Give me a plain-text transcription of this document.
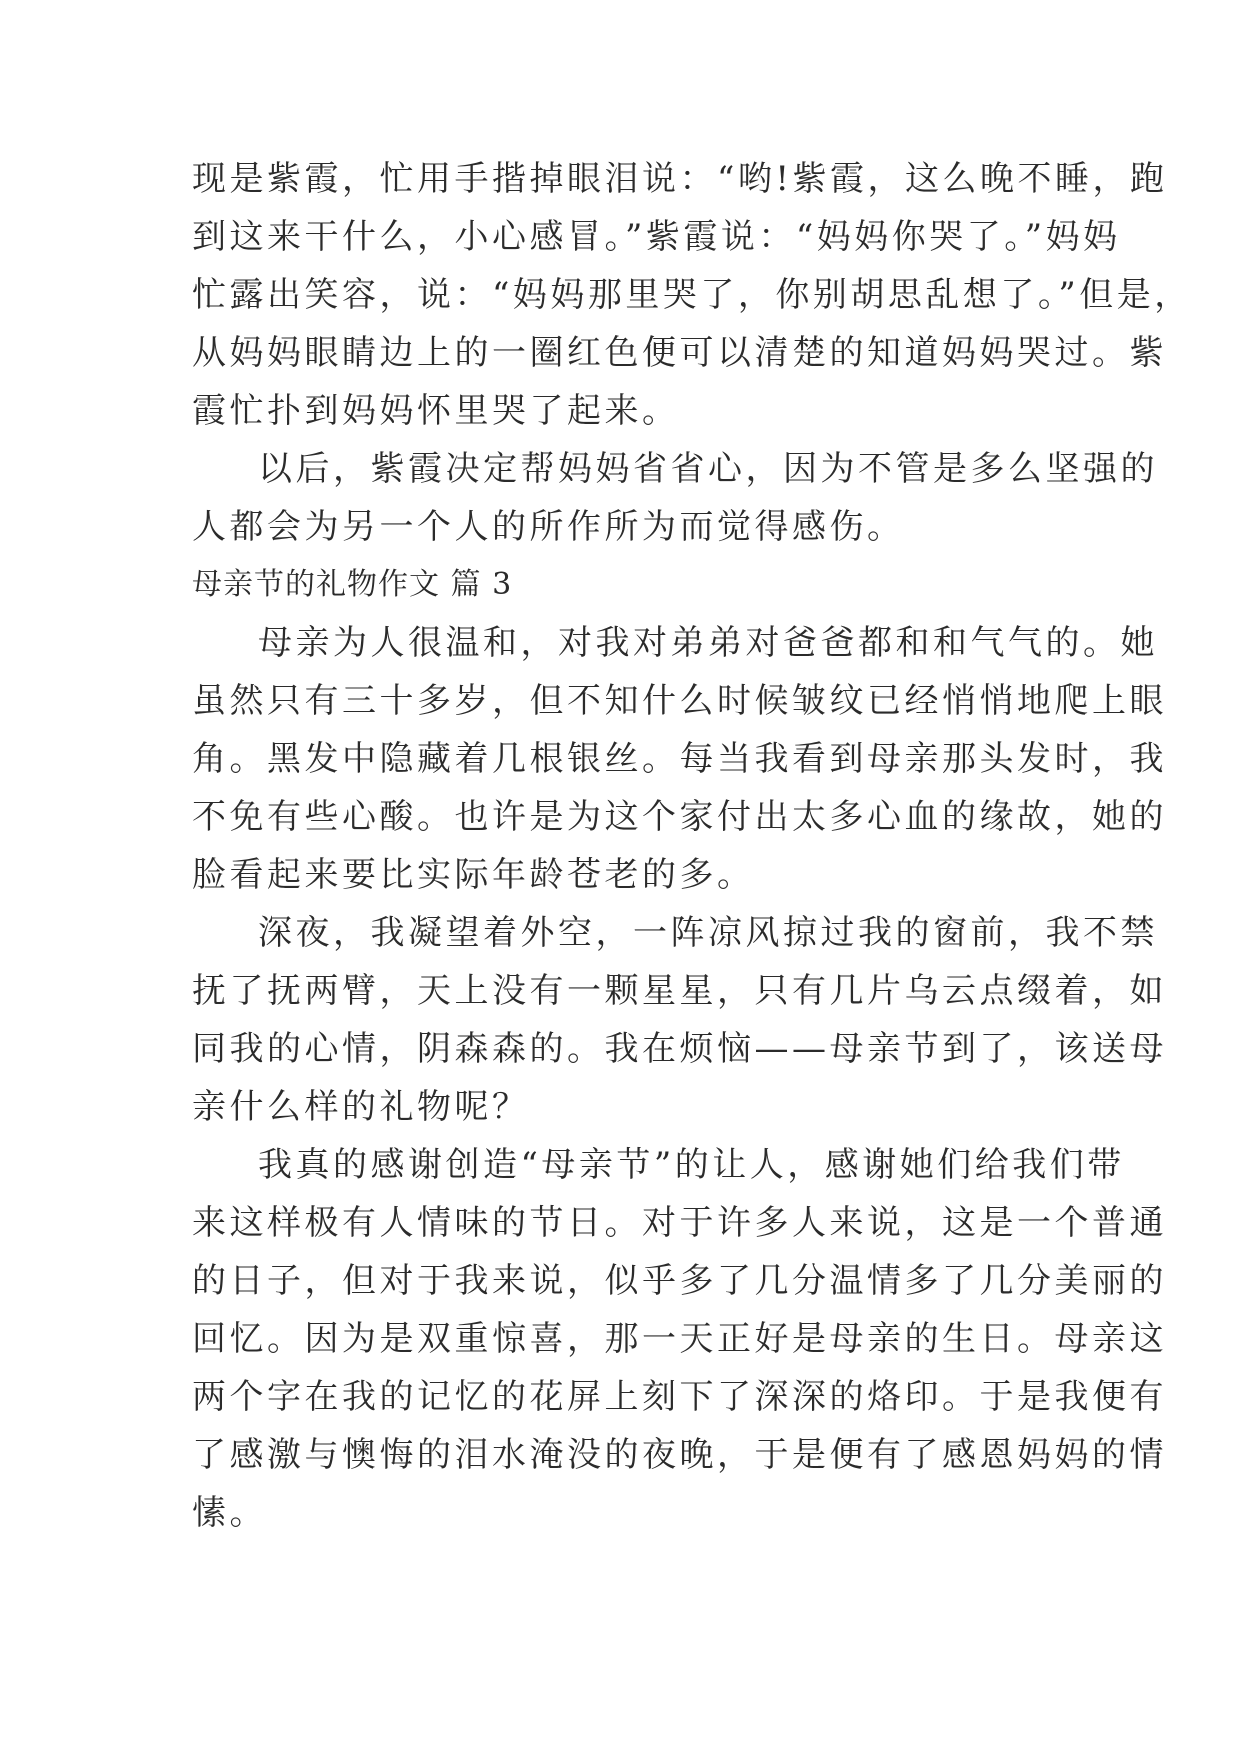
现是紫霞，忙用手揩掉眼泪说：“哟!紫霞，这么晚不睡，跑
到这来干什么，小心感冒。”紫霞说：“妈妈你哭了。”妈妈
忙露出笑容，说：“妈妈那里哭了，你别胡思乱想了。”但是，
从妈妈眼睛边上的一圈红色便可以清楚的知道妈妈哭过。紫
霞忙扑到妈妈怀里哭了起来。
以后，紫霞决定帮妈妈省省心，因为不管是多么坚强的
人都会为另一个人的所作所为而觉得感伤。
母亲节的礼物作文 篇 3
母亲为人很温和，对我对弟弟对爸爸都和和气气的。她
虽然只有三十多岁，但不知什么时候皱纹已经悄悄地爬上眼
角。黑发中隐藏着几根银丝。每当我看到母亲那头发时，我
不免有些心酸。也许是为这个家付出太多心血的缘故，她的
脸看起来要比实际年龄苍老的多。
深夜，我凝望着外空，一阵凉风掠过我的窗前，我不禁
抚了抚两臂，天上没有一颗星星，只有几片乌云点缀着，如
同我的心情，阴森森的。我在烦恼——母亲节到了，该送母
亲什么样的礼物呢？
我真的感谢创造“母亲节”的让人，感谢她们给我们带
来这样极有人情味的节日。对于许多人来说，这是一个普通
的日子，但对于我来说，似乎多了几分温情多了几分美丽的
回忆。因为是双重惊喜，那一天正好是母亲的生日。母亲这
两个字在我的记忆的花屏上刻下了深深的烙印。于是我便有
了感激与懊悔的泪水淹没的夜晚，于是便有了感恩妈妈的情
愫。
